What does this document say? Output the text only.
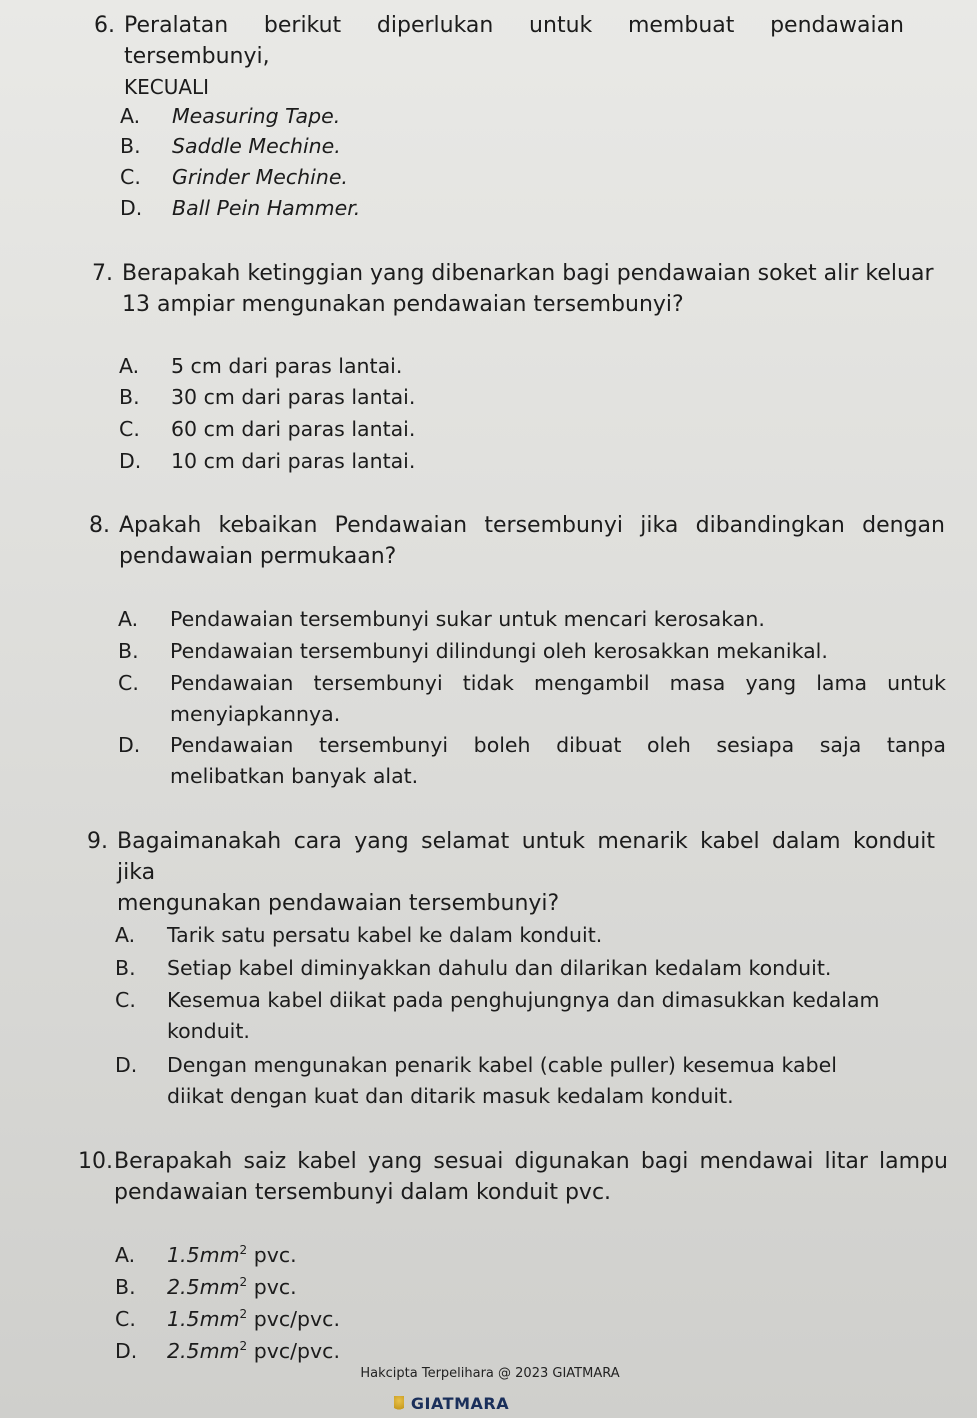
6. Peralatan berikut diperlukan untuk membuat pendawaian tersembunyi,
KECUALI
A. Measuring Tape.
B. Saddle Mechine.
C. Grinder Mechine.
D. Ball Pein Hammer.
7. Berapakah ketinggian yang dibenarkan bagi pendawaian soket alir keluar
13 ampiar mengunakan pendawaian tersembunyi?
A. 5 cm dari paras lantai.
B. 30 cm dari paras lantai.
C. 60 cm dari paras lantai.
D. 10 cm dari paras lantai.
8. Apakah kebaikan Pendawaian tersembunyi jika dibandingkan dengan
pendawaian permukaan?
A. Pendawaian tersembunyi sukar untuk mencari kerosakan.
B. Pendawaian tersembunyi dilindungi oleh kerosakkan mekanikal.
C. Pendawaian tersembunyi tidak mengambil masa yang lama untuk
menyiapkannya.
D. Pendawaian tersembunyi boleh dibuat oleh sesiapa saja tanpa
melibatkan banyak alat.
9. Bagaimanakah cara yang selamat untuk menarik kabel dalam konduit jika
mengunakan pendawaian tersembunyi?
A. Tarik satu persatu kabel ke dalam konduit.
B. Setiap kabel diminyakkan dahulu dan dilarikan kedalam konduit.
C. Kesemua kabel diikat pada penghujungnya dan dimasukkan kedalam
konduit.
D. Dengan mengunakan penarik kabel (cable puller) kesemua kabel
diikat dengan kuat dan ditarik masuk kedalam konduit.
10. Berapakah saiz kabel yang sesuai digunakan bagi mendawai litar lampu
pendawaian tersembunyi dalam konduit pvc.
A. $1.5mm^2$ pvc.
B. $2.5mm^2$ pvc.
C. $1.5mm^2$ pvc/pvc.
D. $2.5mm^2$ pvc/pvc.
Hakcipta Terpelihara @ 2023 GIATMARA
GIATMARA
